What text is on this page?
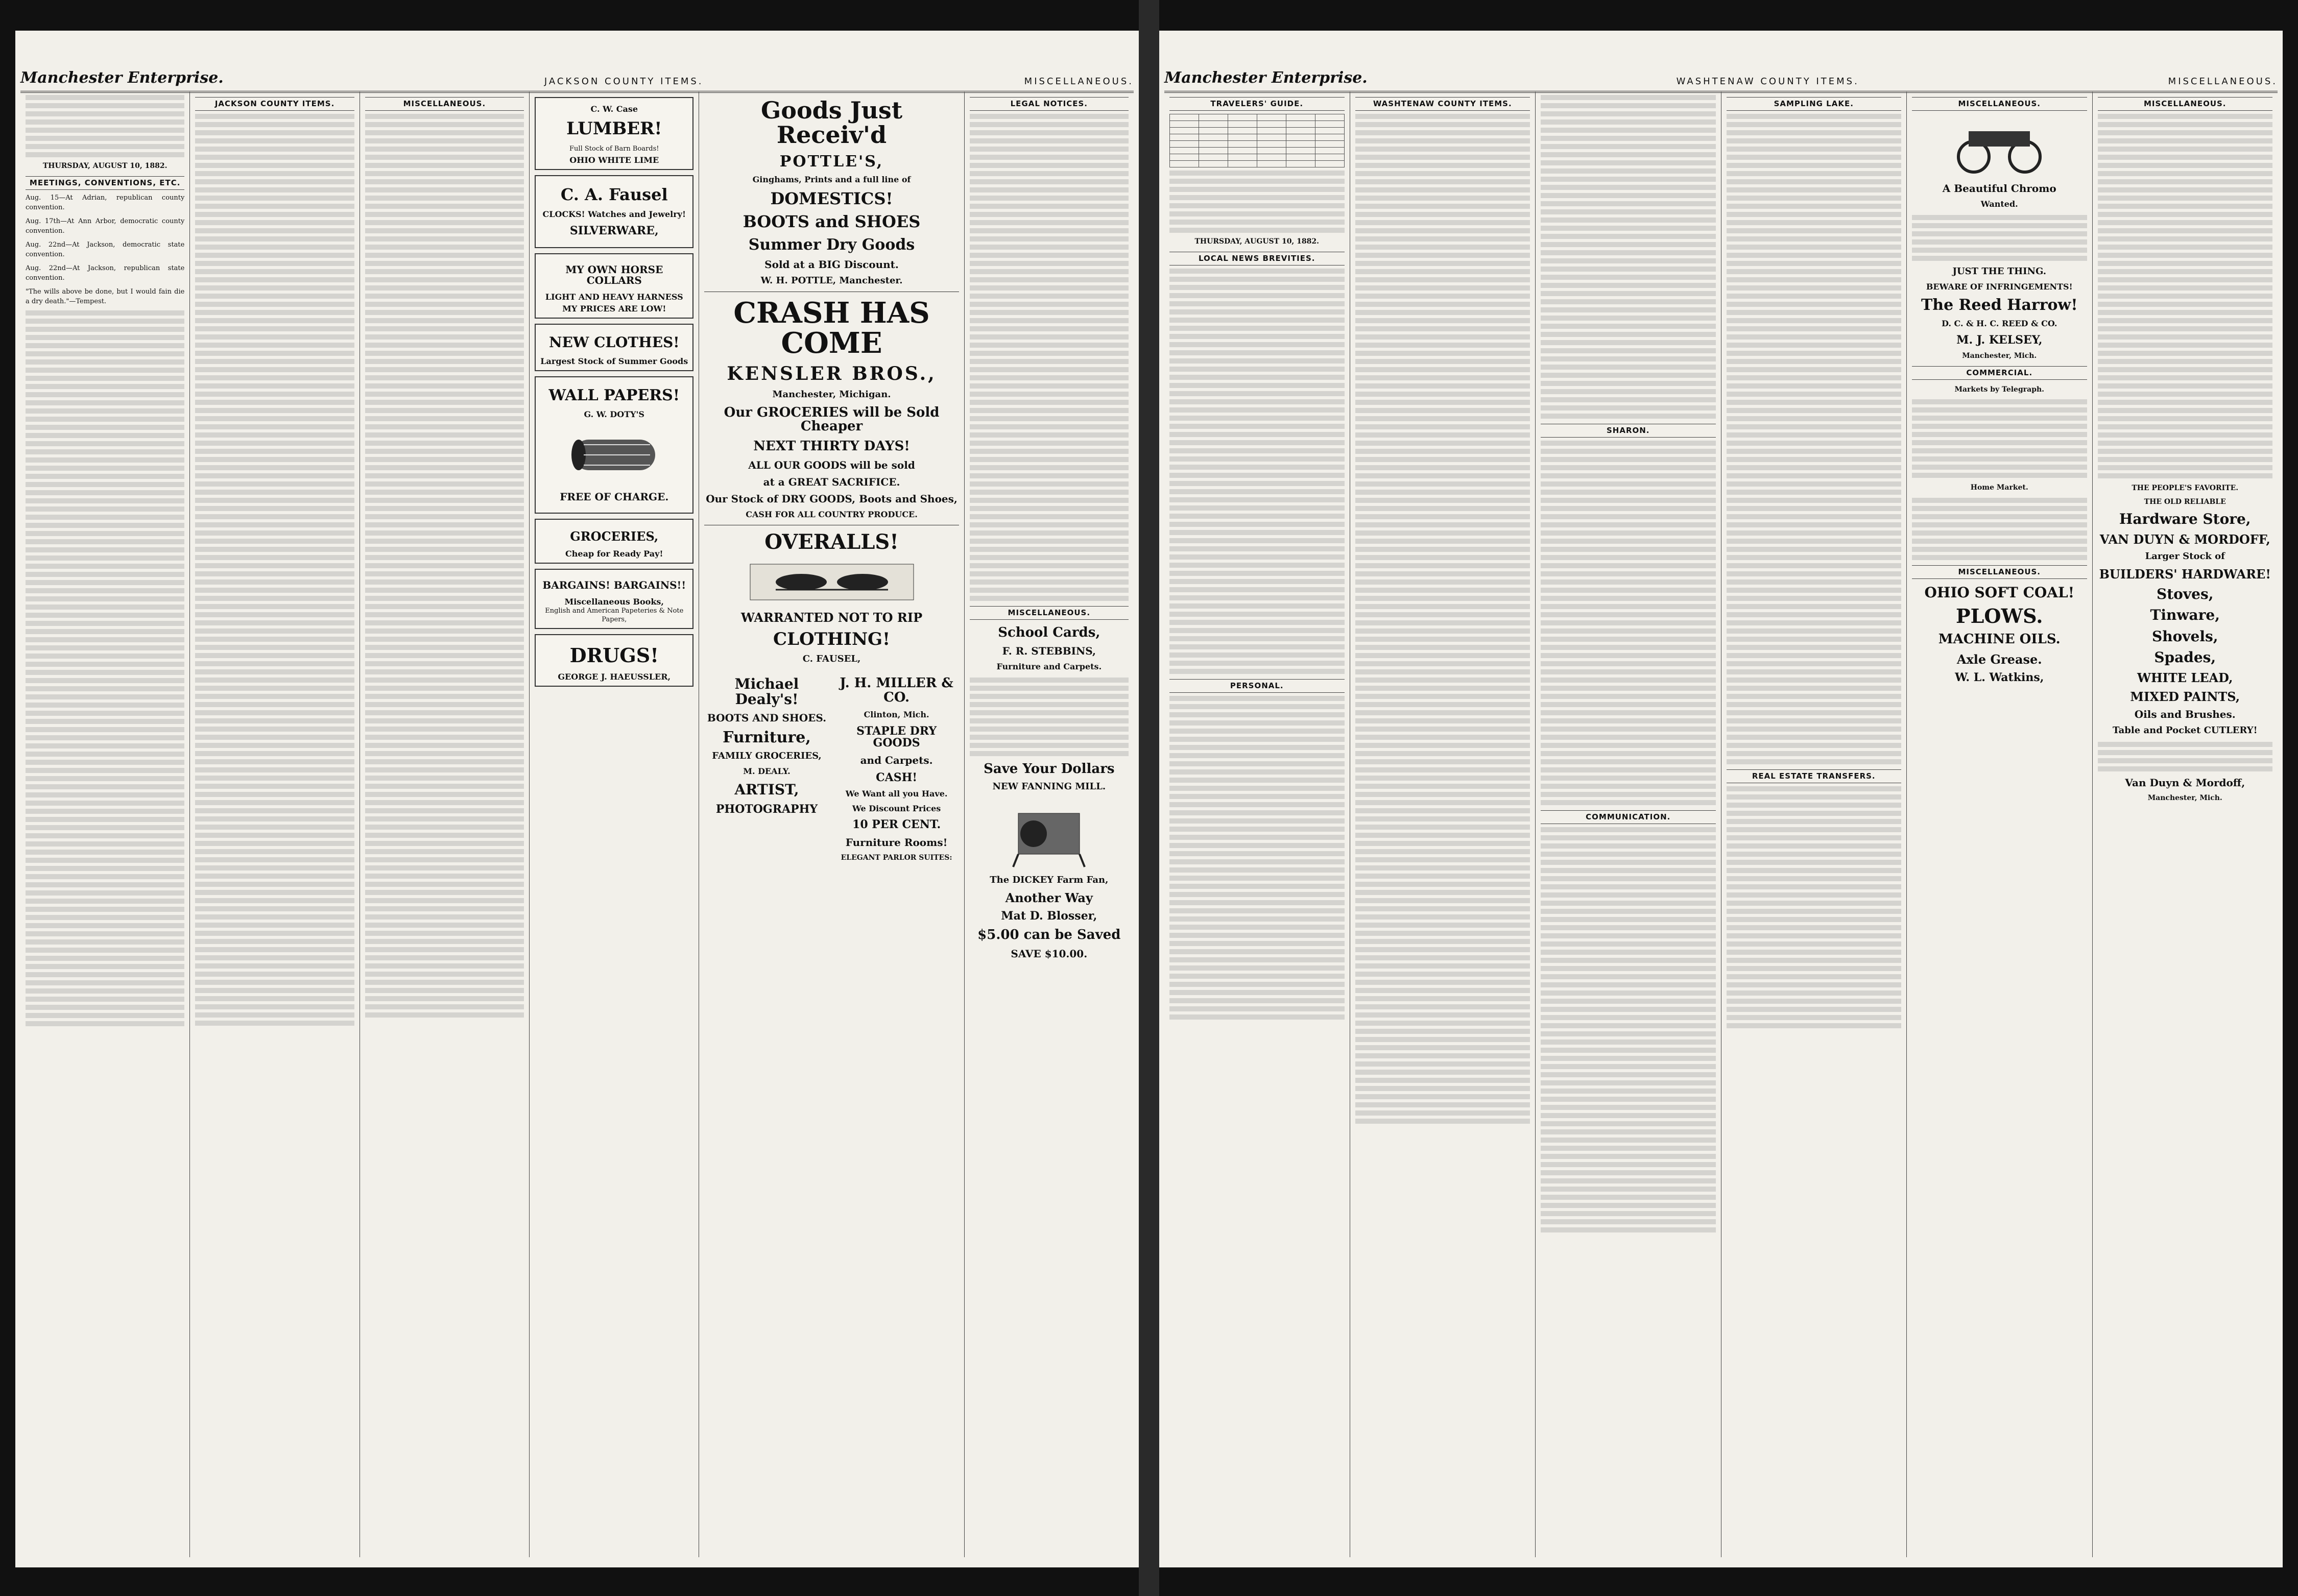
Manchester Enterprise.	JACKSON COUNTY ITEMS.	MISCELLANEOUS.
THURSDAY, AUGUST 10, 1882.
MEETINGS, CONVENTIONS, ETC.

Aug. 15—At Adrian, republican county convention.

Aug. 17th—At Ann Arbor, democratic county convention.

Aug. 22nd—At Jackson, democratic state convention.

Aug. 22nd—At Jackson, republican state convention.

"The wills above be done, but I would fain die a dry death."—Tempest.

JACKSON COUNTY ITEMS.	MISCELLANEOUS.
C. W. Case
LUMBER!
Full Stock of Barn Boards!
OHIO WHITE LIME
C. A. Fausel
CLOCKS! Watches and Jewelry!
SILVERWARE,
MY OWN HORSE COLLARS
LIGHT AND HEAVY HARNESS
MY PRICES ARE LOW!
NEW CLOTHES!
Largest Stock of Summer Goods
WALL PAPERS!
G. W. DOTY'S
FREE OF CHARGE.
GROCERIES,
Cheap for Ready Pay!
BARGAINS! BARGAINS!!
Miscellaneous Books,
English and American Papeteries & Note Papers,
DRUGS!
GEORGE J. HAEUSSLER,
Goods Just Receiv'd
POTTLE'S,
Ginghams, Prints and a full line of
DOMESTICS!
BOOTS and SHOES
Summer Dry Goods
Sold at a BIG Discount.
W. H. POTTLE, Manchester.
CRASH HAS COME
KENSLER BROS.,
Manchester, Michigan.
Our GROCERIES will be Sold Cheaper
NEXT THIRTY DAYS!
ALL OUR GOODS will be sold
at a GREAT SACRIFICE.
Our Stock of DRY GOODS, Boots and Shoes,
CASH FOR ALL COUNTRY PRODUCE.
OVERALLS!
WARRANTED NOT TO RIP
CLOTHING!
C. FAUSEL,
Michael Dealy's!
BOOTS AND SHOES.
Furniture,
FAMILY GROCERIES,
M. DEALY.
ARTIST,
PHOTOGRAPHY
J. H. MILLER & CO.
Clinton, Mich.
STAPLE DRY GOODS
and Carpets.
CASH!
We Want all you Have.
We Discount Prices
10 PER CENT.
Furniture Rooms!
ELEGANT PARLOR SUITES:
LEGAL NOTICES.
MISCELLANEOUS.
School Cards,
F. R. STEBBINS,
Furniture and Carpets.
Save Your Dollars
NEW FANNING MILL.
The DICKEY Farm Fan,
Another Way
Mat D. Blosser,
$5.00 can be Saved
SAVE $10.00.
Manchester Enterprise.	WASHTENAW COUNTY ITEMS.	MISCELLANEOUS.
TRAVELERS' GUIDE.

THURSDAY, AUGUST 10, 1882.
LOCAL NEWS BREVITIES.
PERSONAL.
WASHTENAW COUNTY ITEMS.
SHARON.
COMMUNICATION.
SAMPLING LAKE.
REAL ESTATE TRANSFERS.
MISCELLANEOUS.
A Beautiful Chromo
Wanted.
JUST THE THING.
BEWARE OF INFRINGEMENTS!
The Reed Harrow!
D. C. & H. C. REED & CO.
M. J. KELSEY,
Manchester, Mich.
COMMERCIAL.
Markets by Telegraph.
Home Market.
MISCELLANEOUS.
OHIO SOFT COAL!
PLOWS.
MACHINE OILS.
Axle Grease.
W. L. Watkins,
MISCELLANEOUS.
THE PEOPLE'S FAVORITE.
THE OLD RELIABLE
Hardware Store,
VAN DUYN & MORDOFF,
Larger Stock of
BUILDERS' HARDWARE!
Stoves,
Tinware,
Shovels,
Spades,
WHITE LEAD,
MIXED PAINTS,
Oils and Brushes.
Table and Pocket CUTLERY!
Van Duyn & Mordoff,
Manchester, Mich.
